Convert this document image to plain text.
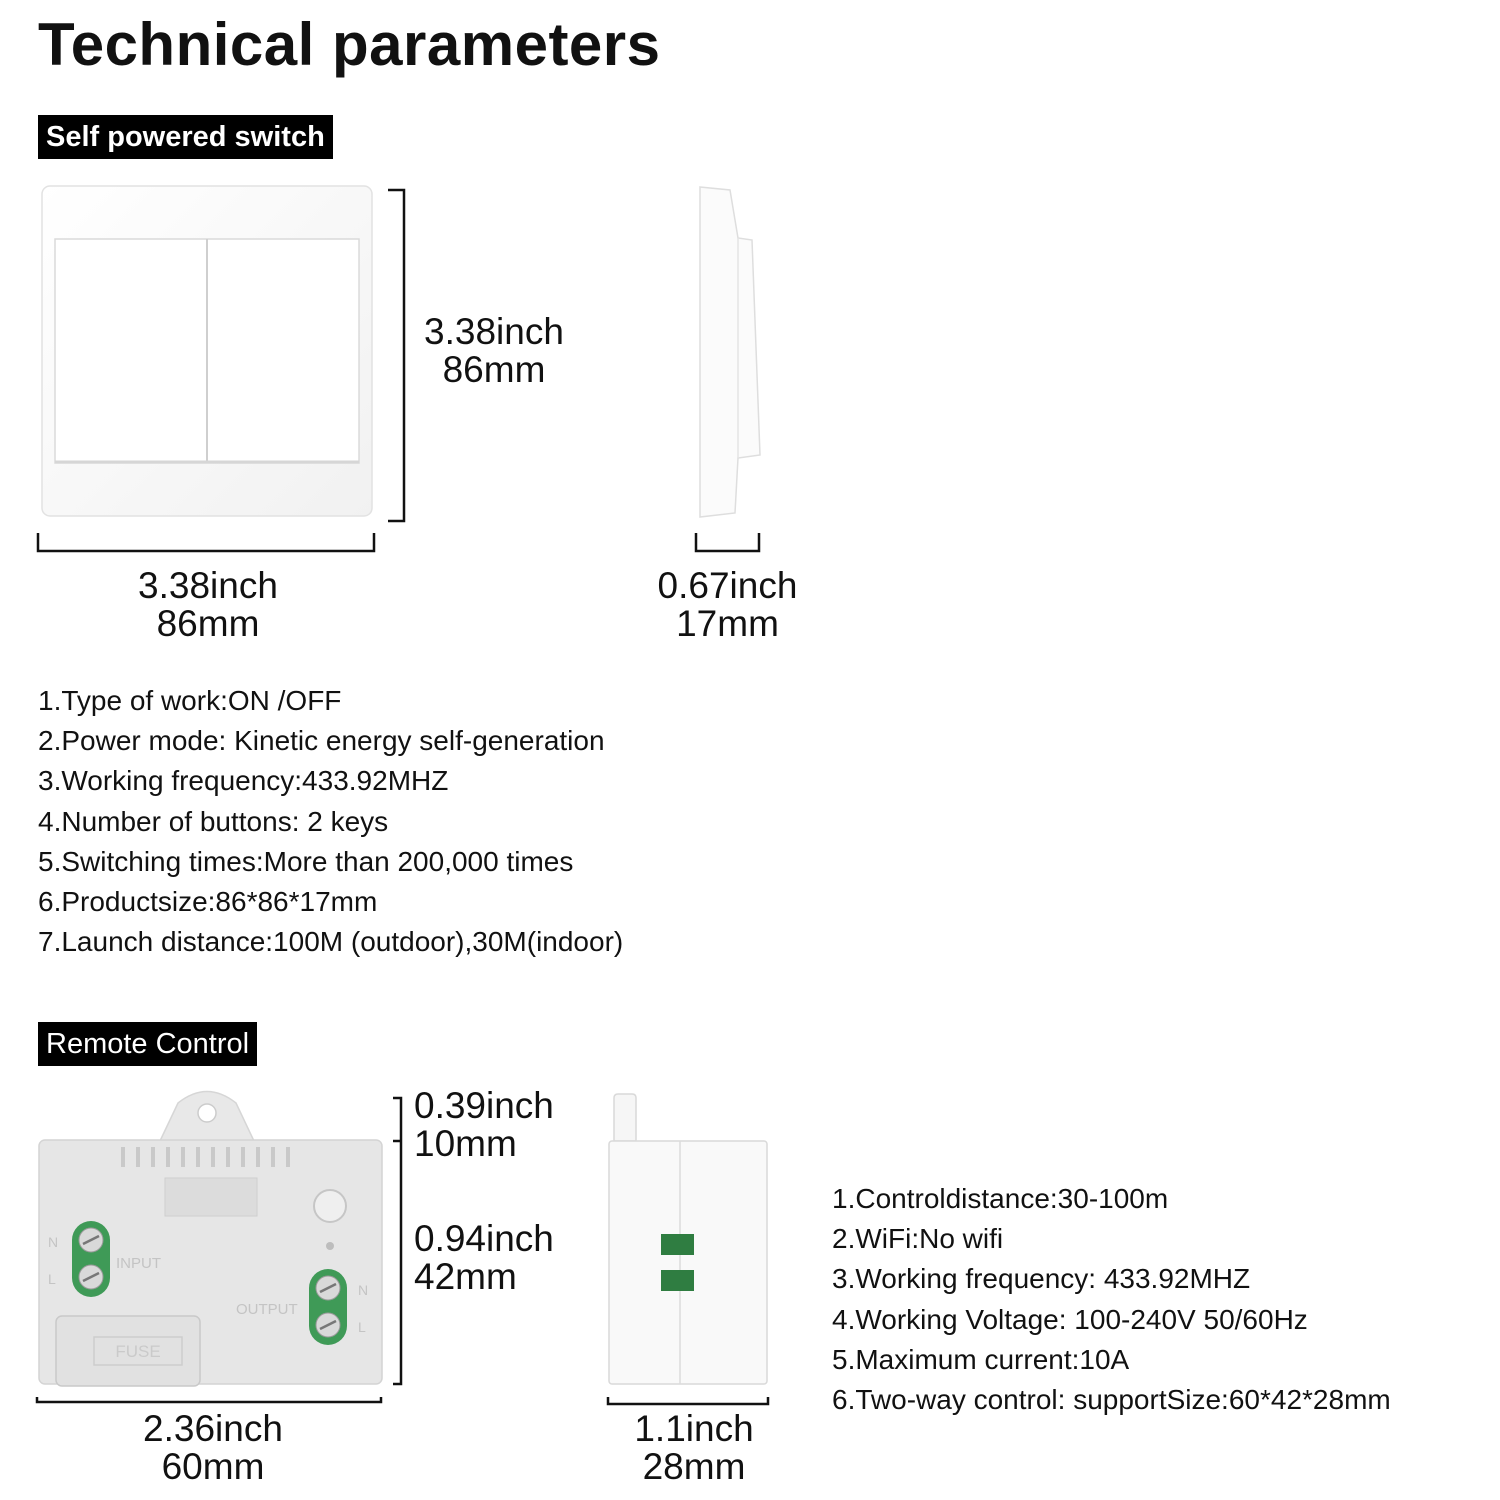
Technical parameters
Self powered switch
3.38inch
86mm
3.38inch
86mm
0.67inch
17mm
1.Type of work:ON /OFF
2.Power mode: Kinetic energy self-generation
3.Working frequency:433.92MHZ
4.Number of buttons: 2 keys
5.Switching times:More than 200,000 times
6.Productsize:86*86*17mm
7.Launch distance:100M (outdoor),30M(indoor)
Remote Control
FUSE
INPUT
N
L
OUTPUT
N
L
0.39inch
10mm
0.94inch
42mm
2.36inch
60mm
1.1inch
28mm
1.Controldistance:30-100m
2.WiFi:No wifi
3.Working frequency: 433.92MHZ
4.Working Voltage: 100-240V 50/60Hz
5.Maximum current:10A
6.Two-way control: supportSize:60*42*28mm
